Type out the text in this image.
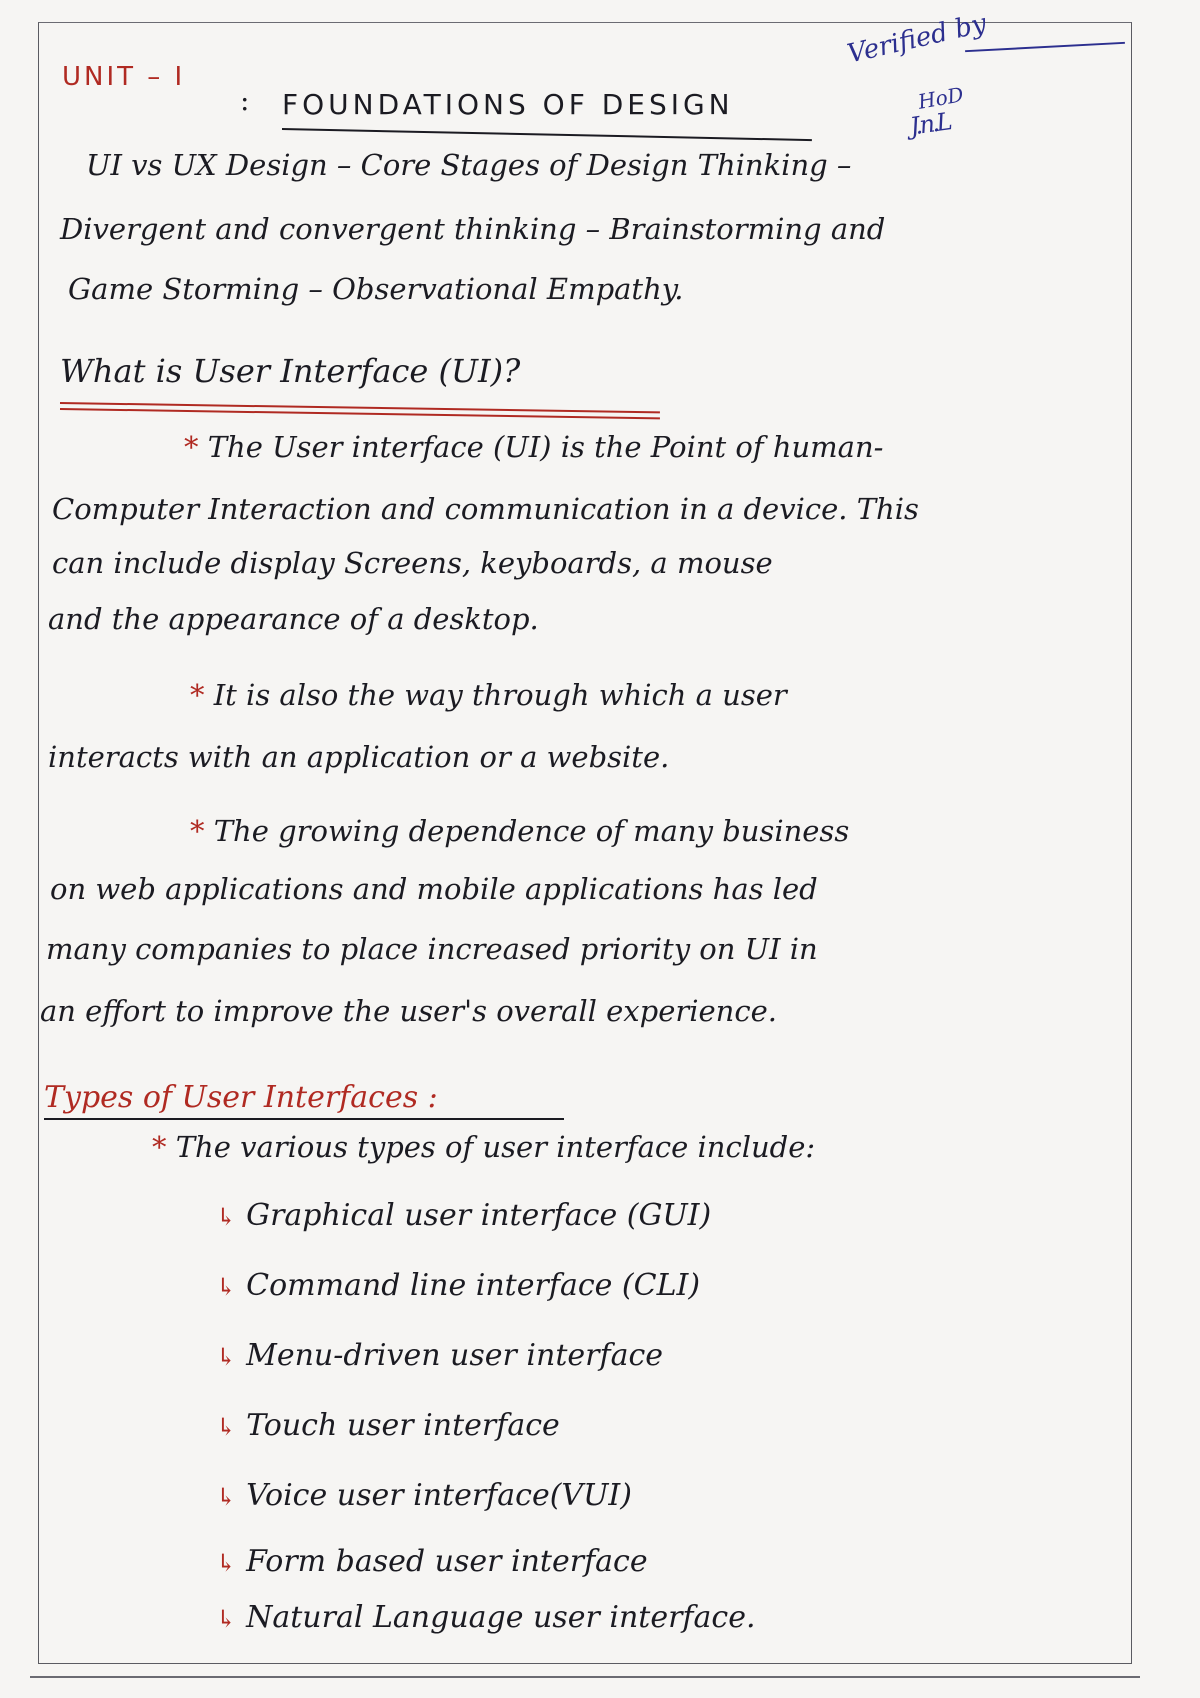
UNIT – I
: FOUNDATIONS OF DESIGN
Verified by
HoD
J.n.L
UI vs UX Design – Core Stages of Design Thinking –
Divergent and convergent thinking – Brainstorming and
Game Storming – Observational Empathy.
What is User Interface (UI)?
* The User interface (UI) is the Point of human-
Computer Interaction and communication in a device. This
can include display Screens, keyboards, a mouse
and the appearance of a desktop.
* It is also the way through which a user
interacts with an application or a website.
* The growing dependence of many business
on web applications and mobile applications has led
many companies to place increased priority on UI in
an effort to improve the user's overall experience.
Types of User Interfaces :
* The various types of user interface include:
↳ Graphical user interface (GUI)
↳ Command line interface (CLI)
↳ Menu-driven user interface
↳ Touch user interface
↳ Voice user interface(VUI)
↳ Form based user interface
↳ Natural Language user interface.
